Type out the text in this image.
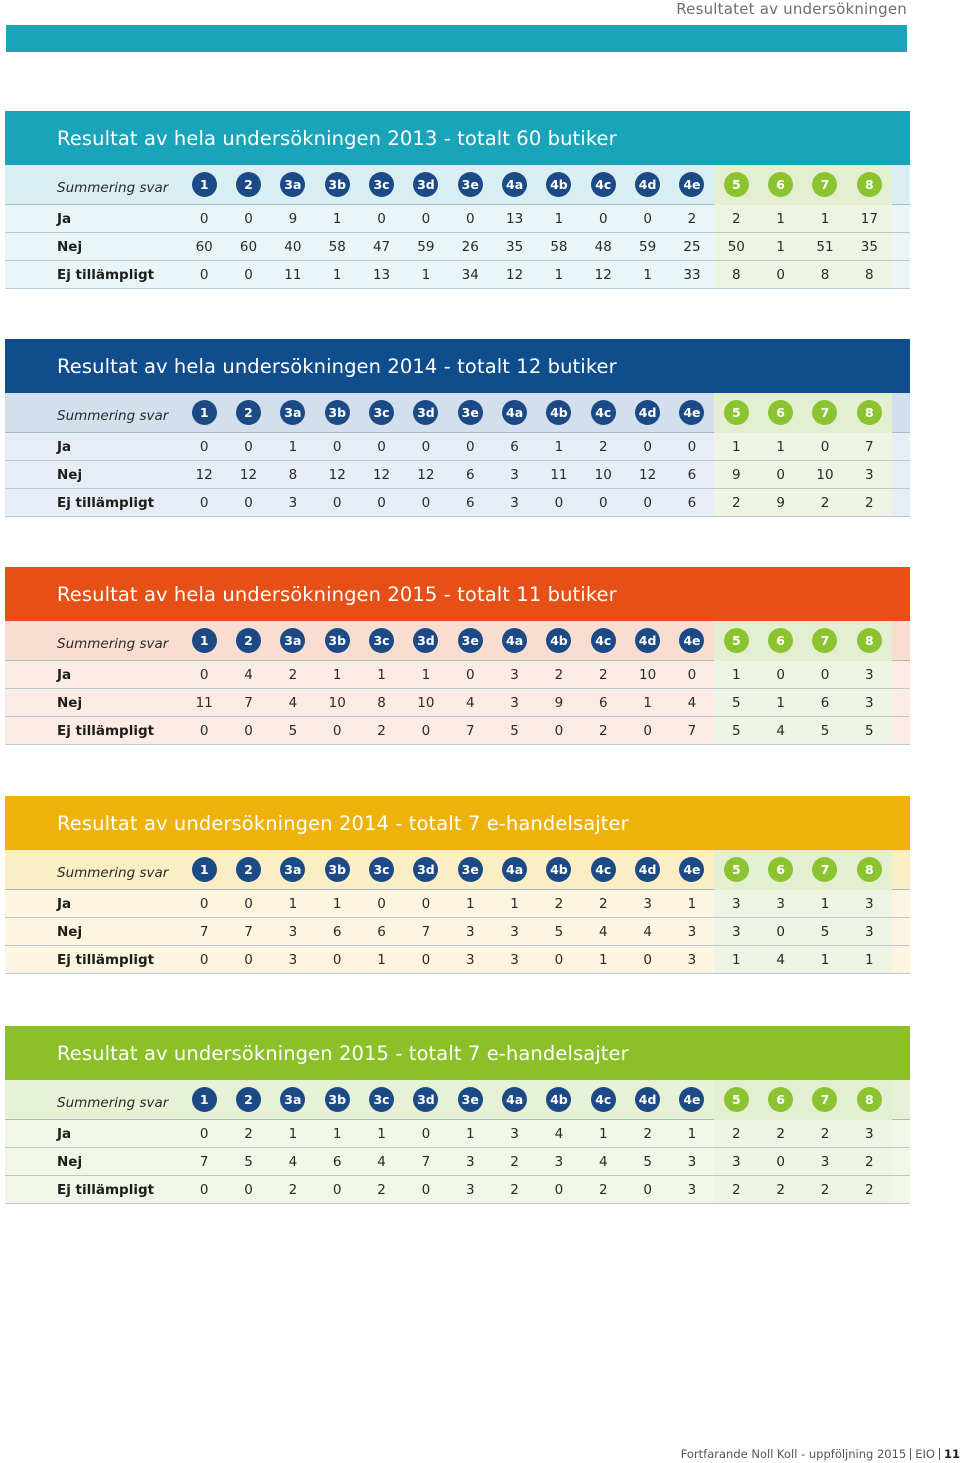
Resultatet av undersökningen
Resultat av hela undersökningen 2013 - totalt 60 butiker
Summering svar	1	2	3a	3b	3c	3d	3e	4a	4b	4c	4d	4e	5	6	7	8
Ja	0	0	9	1	0	0	0	13	1	0	0	2	2	1	1	17
Nej	60	60	40	58	47	59	26	35	58	48	59	25	50	1	51	35
Ej tillämpligt	0	0	11	1	13	1	34	12	1	12	1	33	8	0	8	8
Resultat av hela undersökningen 2014 - totalt 12 butiker
Summering svar	1	2	3a	3b	3c	3d	3e	4a	4b	4c	4d	4e	5	6	7	8
Ja	0	0	1	0	0	0	0	6	1	2	0	0	1	1	0	7
Nej	12	12	8	12	12	12	6	3	11	10	12	6	9	0	10	3
Ej tillämpligt	0	0	3	0	0	0	6	3	0	0	0	6	2	9	2	2
Resultat av hela undersökningen 2015 - totalt 11 butiker
Summering svar	1	2	3a	3b	3c	3d	3e	4a	4b	4c	4d	4e	5	6	7	8
Ja	0	4	2	1	1	1	0	3	2	2	10	0	1	0	0	3
Nej	11	7	4	10	8	10	4	3	9	6	1	4	5	1	6	3
Ej tillämpligt	0	0	5	0	2	0	7	5	0	2	0	7	5	4	5	5
Resultat av undersökningen 2014 - totalt 7 e-handelsajter
Summering svar	1	2	3a	3b	3c	3d	3e	4a	4b	4c	4d	4e	5	6	7	8
Ja	0	0	1	1	0	0	1	1	2	2	3	1	3	3	1	3
Nej	7	7	3	6	6	7	3	3	5	4	4	3	3	0	5	3
Ej tillämpligt	0	0	3	0	1	0	3	3	0	1	0	3	1	4	1	1
Resultat av undersökningen 2015 - totalt 7 e-handelsajter
Summering svar	1	2	3a	3b	3c	3d	3e	4a	4b	4c	4d	4e	5	6	7	8
Ja	0	2	1	1	1	0	1	3	4	1	2	1	2	2	2	3
Nej	7	5	4	6	4	7	3	2	3	4	5	3	3	0	3	2
Ej tillämpligt	0	0	2	0	2	0	3	2	0	2	0	3	2	2	2	2
Fortfarande Noll Koll - uppföljning 2015 EIO 11
